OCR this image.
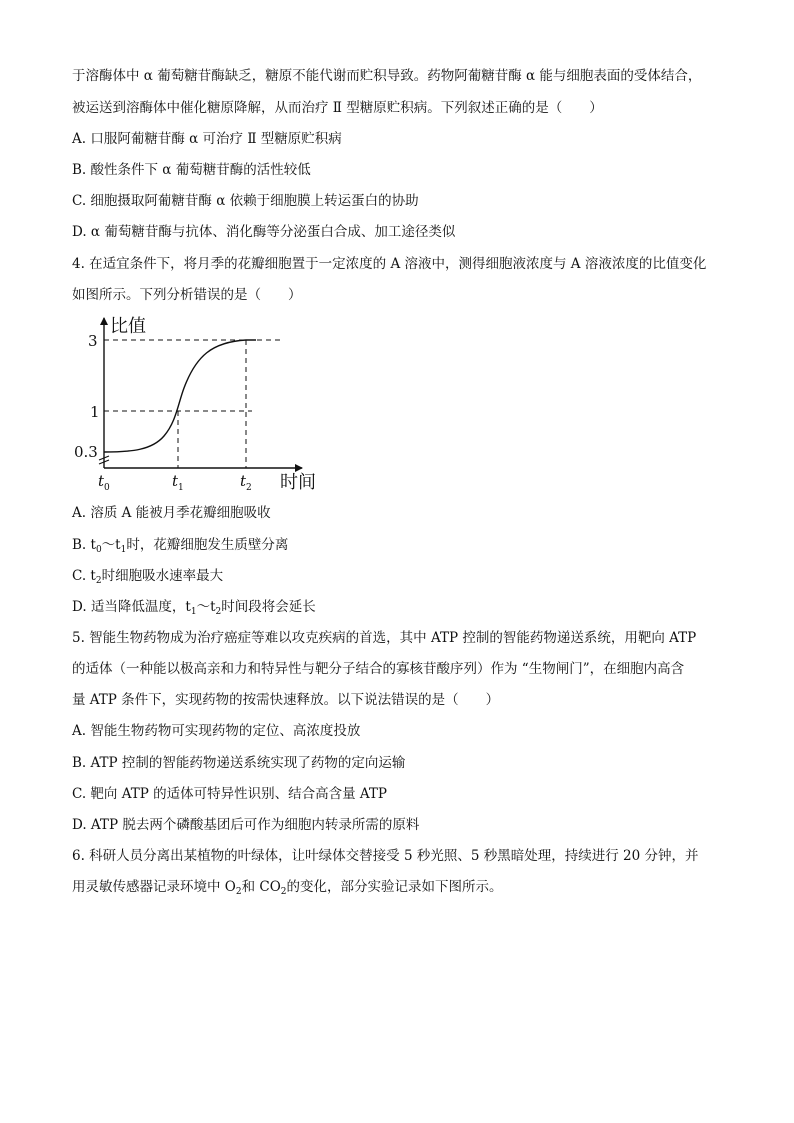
于溶酶体中 α 葡萄糖苷酶缺乏，糖原不能代谢而贮积导致。药物阿葡糖苷酶 α 能与细胞表面的受体结合，
被运送到溶酶体中催化糖原降解，从而治疗 Ⅱ 型糖原贮积病。下列叙述正确的是（　　）
A. 口服阿葡糖苷酶 α 可治疗 Ⅱ 型糖原贮积病
B. 酸性条件下 α 葡萄糖苷酶的活性较低
C. 细胞摄取阿葡糖苷酶 α 依赖于细胞膜上转运蛋白的协助
D. α 葡萄糖苷酶与抗体、消化酶等分泌蛋白合成、加工途径类似
4. 在适宜条件下，将月季的花瓣细胞置于一定浓度的 A 溶液中，测得细胞液浓度与 A 溶液浓度的比值变化
如图所示。下列分析错误的是（　　）
比值
时间
3
1
0.3
$t_0$	$t_1$	$t_2$
A. 溶质 A 能被月季花瓣细胞吸收
B. $t_0\sim t_1$时，花瓣细胞发生质壁分离
C. $t_2$时细胞吸水速率最大
D. 适当降低温度，$t_1\sim t_2$时间段将会延长
5. 智能生物药物成为治疗癌症等难以攻克疾病的首选，其中 ATP 控制的智能药物递送系统，用靶向 ATP
的适体（一种能以极高亲和力和特异性与靶分子结合的寡核苷酸序列）作为 “生物闸门”，在细胞内高含
量 ATP 条件下，实现药物的按需快速释放。以下说法错误的是（　　）
A. 智能生物药物可实现药物的定位、高浓度投放
B. ATP 控制的智能药物递送系统实现了药物的定向运输
C. 靶向 ATP 的适体可特异性识别、结合高含量 ATP
D. ATP 脱去两个磷酸基团后可作为细胞内转录所需的原料
6. 科研人员分离出某植物的叶绿体，让叶绿体交替接受 5 秒光照、5 秒黑暗处理，持续进行 20 分钟，并
用灵敏传感器记录环境中 $O_2$和 $CO_2$的变化，部分实验记录如下图所示。
